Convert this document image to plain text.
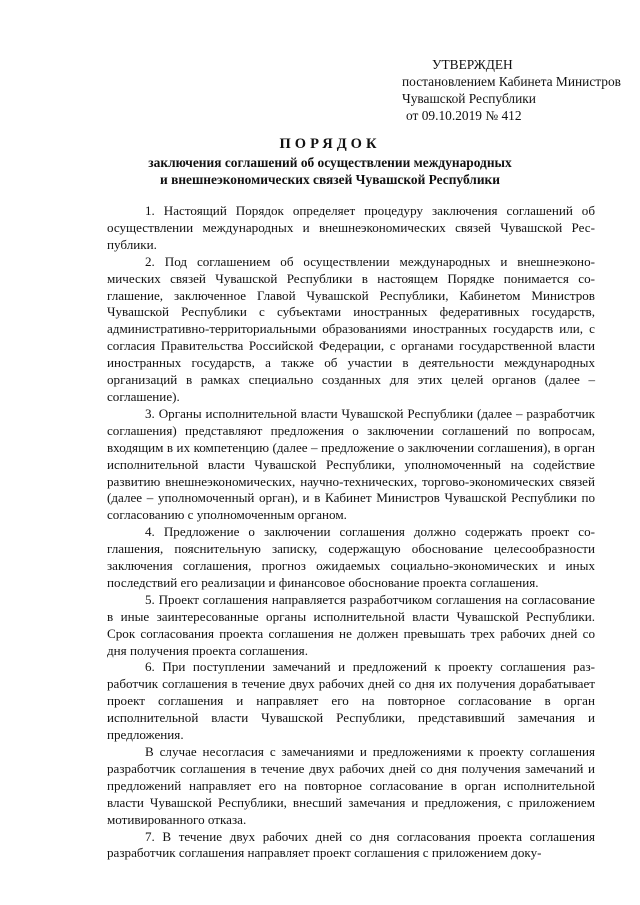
УТВЕРЖДЕН
постановлением Кабинета Министров
Чувашской Республики
от 09.10.2019 № 412
ПОРЯДОК
заключения соглашений об осуществлении международных
и внешнеэкономических связей Чувашской Республики

1. Настоящий Порядок определяет процедуру заключения соглашений об осуществлении международных и внешнеэкономических связей Чувашской Республики.

2. Под соглашением об осуществлении международных и внешнеэкономических связей Чувашской Республики в настоящем Порядке понимается соглашение, заключенное Главой Чувашской Республики, Кабинетом Министров Чувашской Республики с субъектами иностранных федеративных государств, административно-территориальными образованиями иностранных государств или, с согласия Правительства Российской Федерации, с органами государственной власти иностранных государств, а также об участии в деятельности международных организаций в рамках специально созданных для этих целей органов (далее – соглашение).

3. Органы исполнительной власти Чувашской Республики (далее – разработчик соглашения) представляют предложения о заключении соглашений по вопросам, входящим в их компетенцию (далее – предложение о заключении соглашения), в орган исполнительной власти Чувашской Республики, уполномоченный на содействие развитию внешнеэкономических, научно-технических, торгово-экономических связей (далее – уполномоченный орган), и в Кабинет Министров Чувашской Республики по согласованию с уполномоченным органом.

4. Предложение о заключении соглашения должно содержать проект соглашения, пояснительную записку, содержащую обоснование целесообразности заключения соглашения, прогноз ожидаемых социально-экономических и иных последствий его реализации и финансовое обоснование проекта соглашения.

5. Проект соглашения направляется разработчиком соглашения на согласование в иные заинтересованные органы исполнительной власти Чувашской Республики. Срок согласования проекта соглашения не должен превышать трех рабочих дней со дня получения проекта соглашения.

6. При поступлении замечаний и предложений к проекту соглашения разработчик соглашения в течение двух рабочих дней со дня их получения дорабатывает проект соглашения и направляет его на повторное согласование в орган исполнительной власти Чувашской Республики, представивший замечания и предложения.

В случае несогласия с замечаниями и предложениями к проекту соглашения разработчик соглашения в течение двух рабочих дней со дня получения замечаний и предложений направляет его на повторное согласование в орган исполнительной власти Чувашской Республики, внесший замечания и предложения, с приложением мотивированного отказа.

7. В течение двух рабочих дней со дня согласования проекта соглашения разработчик соглашения направляет проект соглашения с приложением доку-
